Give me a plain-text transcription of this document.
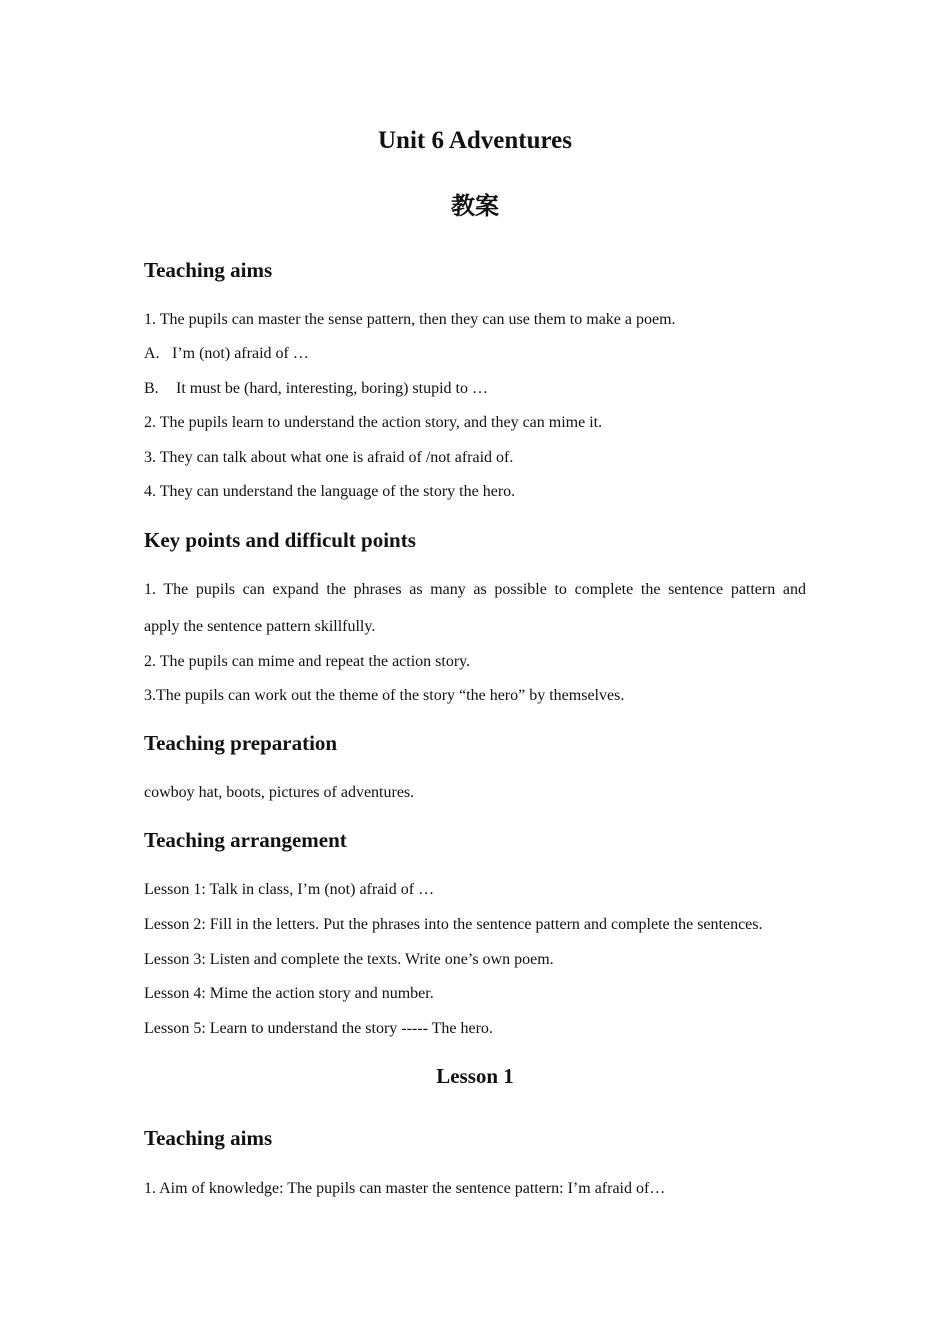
Unit 6 Adventures
教案
Teaching aims

1. The pupils can master the sense pattern, then they can use them to make a poem.

A. I’m (not) afraid of …

B. It must be (hard, interesting, boring) stupid to …

2. The pupils learn to understand the action story, and they can mime it.

3. They can talk about what one is afraid of /not afraid of.

4. They can understand the language of the story the hero.

Key points and difficult points

1. The pupils can expand the phrases as many as possible to complete the sentence pattern and

apply the sentence pattern skillfully.

2. The pupils can mime and repeat the action story.

3.The pupils can work out the theme of the story “the hero” by themselves.

Teaching preparation

cowboy hat, boots, pictures of adventures.

Teaching arrangement

Lesson 1: Talk in class, I’m (not) afraid of …

Lesson 2: Fill in the letters. Put the phrases into the sentence pattern and complete the sentences.

Lesson 3: Listen and complete the texts. Write one’s own poem.

Lesson 4: Mime the action story and number.

Lesson 5: Learn to understand the story ----- The hero.

Lesson 1
Teaching aims

1. Aim of knowledge: The pupils can master the sentence pattern: I’m afraid of…
